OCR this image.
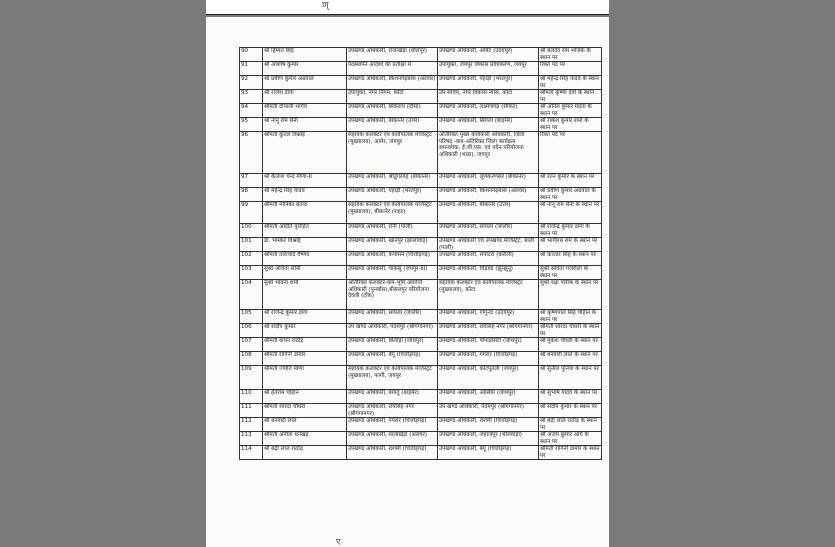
ण्
90	श्री हिम्मत सिंह	उपखण्ड अधिकारी, राजाखेड़ा (धौलपुर)	उपखण्ड अधिकारी, आमेट (उदयपुर)	श्री बलदेव राम भोजक के स्थान पर
91	श्री आशीष कुमार	पदस्थापन आदेशों की प्रतीक्षा में	उपायुक्त, जयपुर विकास प्राधिकरण, जयपुर	रिक्त पद पर
92	श्री प्रवीण कुमार अग्रवाल	उपखण्ड अधिकारी, किशनगढ़बास (अलवर)	उपखण्ड अधिकारी, पहाड़ी (भरतपुर)	श्री महेन्द्र सिंह यादव के स्थान पर
93	श्री राजेश डागा	उपायुक्त, नगर निगम, कोटा	उप सचिव, नगर विकास न्यास, कोटा	श्रीमती कृष्णा देवी के स्थान पर
94	श्रीमती दीपाली भार्गव	उपखण्ड अधिकारी, सिकराय (दौसा)	उपखण्ड अधिकारी, लक्ष्मणगढ़ (सीकर)	श्री अनिल कुमार महता के स्थान पर
95	श्री नानू राम सैनी	उपखण्ड अधिकारी, बीकानेर (उत्तर)	उपखण्ड अधिकारी, सिंगला (बाड़मेर)	श्री राकेश कुमार शर्मा के स्थान पर
96	श्रीमती कुंतल विश्नोई	सहायक कलक्टर एवं कार्यपालक मजिस्ट्रेट (मुख्यालय), आमेर, जयपुर	अतिरिक्त मुख्य कार्यकारी अधिकारी, जिला परिषद् -कम-अतिरिक्त जिला कार्यक्रम समन्वयक, ई.जी.एस. एवं पदेन परियोजना अधिकारी (भाडा), जयपुर	रिक्त पद पर
97	श्री कैलाश चन्द मीणा-II	उपखण्ड अधिकारी, श्रीडूंगरगढ़ (बीकानेर)	उपखण्ड अधिकारी, लूणकरणसर (बीकानेर)	श्री रतन कुमार के स्थान पर
98	श्री महेन्द्र सिंह यादव	उपखण्ड अधिकारी, पहाड़ी (भरतपुर)	उपखण्ड अधिकारी, किशनगढ़बास (अलवर)	श्री प्रवीण कुमार अग्रवाल के स्थान पर
99	श्रीमती मोनिका बतारा	सहायक कलक्टर एवं कार्यपालक मजिस्ट्रेट (मुख्यालय), बीकानेर (शहर)	उपखण्ड अधिकारी, बीकानेर (उत्तर)	श्री नानू राम सैनी के स्थान पर
100	श्रीमती अदिति पुरोहित	उपखण्ड अधिकारी, रानी (पाली)	उपखण्ड अधिकारी, सायला (जालौर)	श्री राजेन्द्र कुमार डागा के स्थान पर
101	डॉ. भास्कर विश्नोई	उपखण्ड अधिकारी, खानपुर (झालावाड़)	उपखण्ड अधिकारी एवं उपखण्ड मजिस्ट्रेट, बाली (पाली)	श्री भागीरथ राम के स्थान पर
102	श्रीमती ताराचंदि वैष्णव	उपखण्ड अधिकारी, कपासन (चित्तौड़गढ़)	उपखण्ड अधिकारी, सपोटरा (करौली)	श्री करतार सिंह के स्थान पर
103	सुश्री अर्चिता सोनी	उपखण्ड अधिकारी, चाकसू (जयपुर-III)	उपखण्ड अधिकारी, चिड़ावा (झुन्झुनूं)	सुश्री सविता गजरौला के स्थान पर
104	सुश्री भावना शर्मा	अतिरिक्त कलक्टर-कम-भूमि अवाप्ति अधिकारी (पुनर्वास),बीसलपुर परियोजना देवली (टोंक)	सहायक कलक्टर एवं कार्यपालक मजिस्ट्रेट (मुख्यालय), कोटा	सुश्री रक्षा पारीक के स्थान पर
105	श्री राजेन्द्र कुमार डागा	उपखण्ड अधिकारी, सायला (जालौर)	उपखण्ड अधिकारी, गोगुन्दा (उदयपुर)	श्री कृष्णपाल सिंह चौहान के स्थान पर
106	श्री संदीप कुमार	उप खण्ड अधिकारी, पदमपुर (श्रीगंगानगर)	उपखण्ड अधिकारी, रायसिंह नगर (श्रीगंगानगर)	श्रीमती शारदा चौधरी के स्थान पर
107	श्रीमती कंचन राठौड़	उपखण्ड अधिकारी, बिलाड़ा (जोधपुर)	उपखण्ड अधिकारी, पीपाड़सिटी (जोधपुर)	श्री मुकेश चौधरी के स्थान पर
108	श्रीमती रागिनी डामोर	उपखण्ड अधिकारी, बेगूं (चित्तौड़गढ़)	उपखण्ड अधिकारी, गंगरार (चित्तौड़गढ़)	श्री बनवारी लाल के स्थान पर
109	श्रीमती ज्योति मीणा	सहायक कलक्टर एवं कार्यपालक मजिस्ट्रेट (मुख्यालय), फागी, जयपुर	उपखण्ड अधिकारी, कोटपूतली (जयपुर)	श्री सुनील पूनिया के स्थान पर
110	श्री हेतराम चौहान	उपखण्ड अधिकारी, बायतु (बाड़मेर)	उपखण्ड अधिकारी, ओसियां (जोधपुर)	श्री सुभाष यादव के स्थान पर
111	श्रीमती शारदा चौधरी	उपखण्ड अधिकारी, रायसिंह नगर (श्रीगंगानगर)	उप खण्ड अधिकारी, पदमपुर (श्रीगंगानगर)	श्री संदीप कुमार के स्थान पर
112	श्री बनवारी लाल	उपखण्ड अधिकारी, गंगरार (चित्तौड़गढ़)	उपखण्ड अधिकारी, राशमी (चित्तौड़गढ़)	श्री बद्री लाल राठौड़ के स्थान पर
113	श्रीमती अनीता धनखड़	उपखण्ड अधिकारी, मालाखेड़ा (अलवर)	उपखण्ड अधिकारी, जहाजपुर (भीलवाड़ा)	श्री अजय कुमार आर्य के स्थान पर
114	श्री बद्री लाल राठौड़	उपखण्ड अधिकारी, राशमी (चित्तौड़गढ़)	उपखण्ड अधिकारी, बेगूं (चित्तौड़गढ़)	श्रीमती रागिनी डामोर के स्थान पर
ए
